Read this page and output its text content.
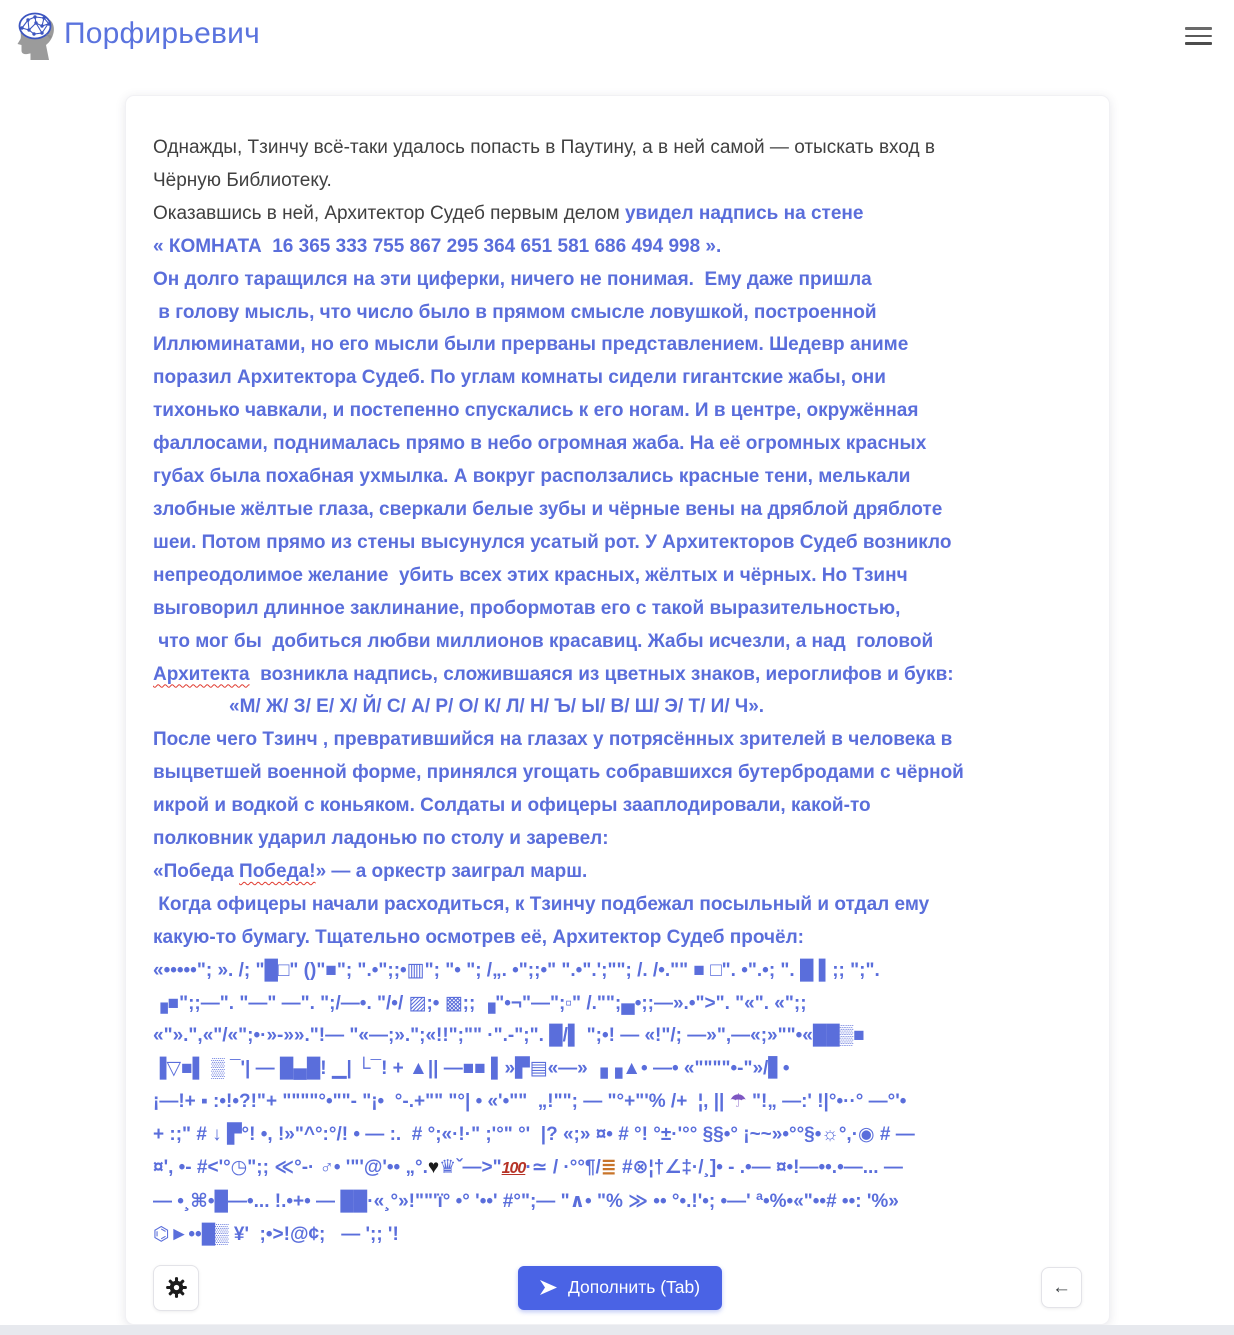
Порфирьевич
Однажды, Тзинчу всё-таки удалось попасть в Паутину, а в ней самой — отыскать вход в
Чёрную Библиотеку.
Оказавшись в ней, Архитектор Судеб первым делом увидел надпись на стене
« КОМНАТА  16 365 333 755 867 295 364 651 581 686 494 998 ».
Он долго таращился на эти циферки, ничего не понимая.  Ему даже пришла
в голову мысль, что число было в прямом смысле ловушкой, построенной
Иллюминатами, но его мысли были прерваны представлением. Шедевр аниме
поразил Архитектора Судеб. По углам комнаты сидели гигантские жабы, они
тихонько чавкали, и постепенно спускались к его ногам. И в центре, окружённая
фаллосами, поднималась прямо в небо огромная жаба. На её огромных красных
губах была похабная ухмылка. А вокруг расползались красные тени, мелькали
злобные жёлтые глаза, сверкали белые зубы и чёрные вены на дряблой дряблоте
шеи. Потом прямо из стены высунулся усатый рот. У Архитекторов Судеб возникло
непреодолимое желание  убить всех этих красных, жёлтых и чёрных. Но Тзинч
выговорил длинное заклинание, пробормотав его с такой выразительностью,
что мог бы  добиться любви миллионов красавиц. Жабы исчезли, а над  головой
Архитекта  возникла надпись, сложившаяся из цветных знаков, иероглифов и букв:
«М/ Ж/ З/ Е/ Х/ Й/ С/ А/ Р/ О/ К/ Л/ Н/ Ъ/ Ы/ В/ Ш/ Э/ Т/ И/ Ч».
После чего Тзинч , превратившийся на глазах у потрясённых зрителей в человека в
выцветшей военной форме, принялся угощать собравшихся бутербродами с чёрной
икрой и водкой с коньяком. Солдаты и офицеры зааплодировали, какой-то
полковник ударил ладонью по столу и заревел:
«Победа Победа!» — а оркестр заиграл марш.
Когда офицеры начали расходиться, к Тзинчу подбежал посыльный и отдал ему
какую-то бумагу. Тщательно осмотрев её, Архитектор Судеб прочёл:
«•••••"; ». /; "█□" ()"■"; ".•";;•▥"; "• "; /„. •";;•" ".•".';""; /. /•."" ■ □". •".•; ". █ ▌;; ";".
▗■";;—". "—" —". ";/—•. "/•/ ▨;• ▩;; ▗"•¬"—";▫" /."";▄•;;—».•">". "«". «";;
«"».",«"/«";•·»-»»."!— "«—;».";«!!";"" ·".-";". █/▌ ";•! — «!"/; —»",—«;»""•«██▒■
▐▽■▌ ▒ ¯'| — █▄█! ▁| └¯! + ▲|| —■■ ▌»▛▤«—» ▗▗▲• —• «""""•-"»/▋•
¡—!+ ▪ :•!•?!"+ """"°•""- "¡•  °-.+"" "°| • «'•""  „!""; — "°+"'% /+  ¦, || ☂ "!„ —:' !|°•··° —°'•
+ :;" # ↓ ▛°! •, !»"^°:°/! • — :.  # °;«·!·" ;'°" °'  |? «;» ¤• # °! °±·'°° §§•° ¡~~»•°°§•☼°,·◉ # —
¤', •- #<'°◷";; ≪°-· ♂• '"'@'•• „°.♥♛ˇ—>"100·≃ / ·°°¶/≣ #⊗¦†∠‡·/¸]• - .•— ¤•!—••.•—... —
— •¸⌘•█—•... !.•+• — ██·«¸°»!""'ï° •° '••' #°";— "∧• "% ≫ •• °•.!'•; •—' ª•%•«"••# ••: '%»
⌬►••█▒ ¥'  ;•>!@¢;   — ';; '!
Дополнить (Tab)	←
